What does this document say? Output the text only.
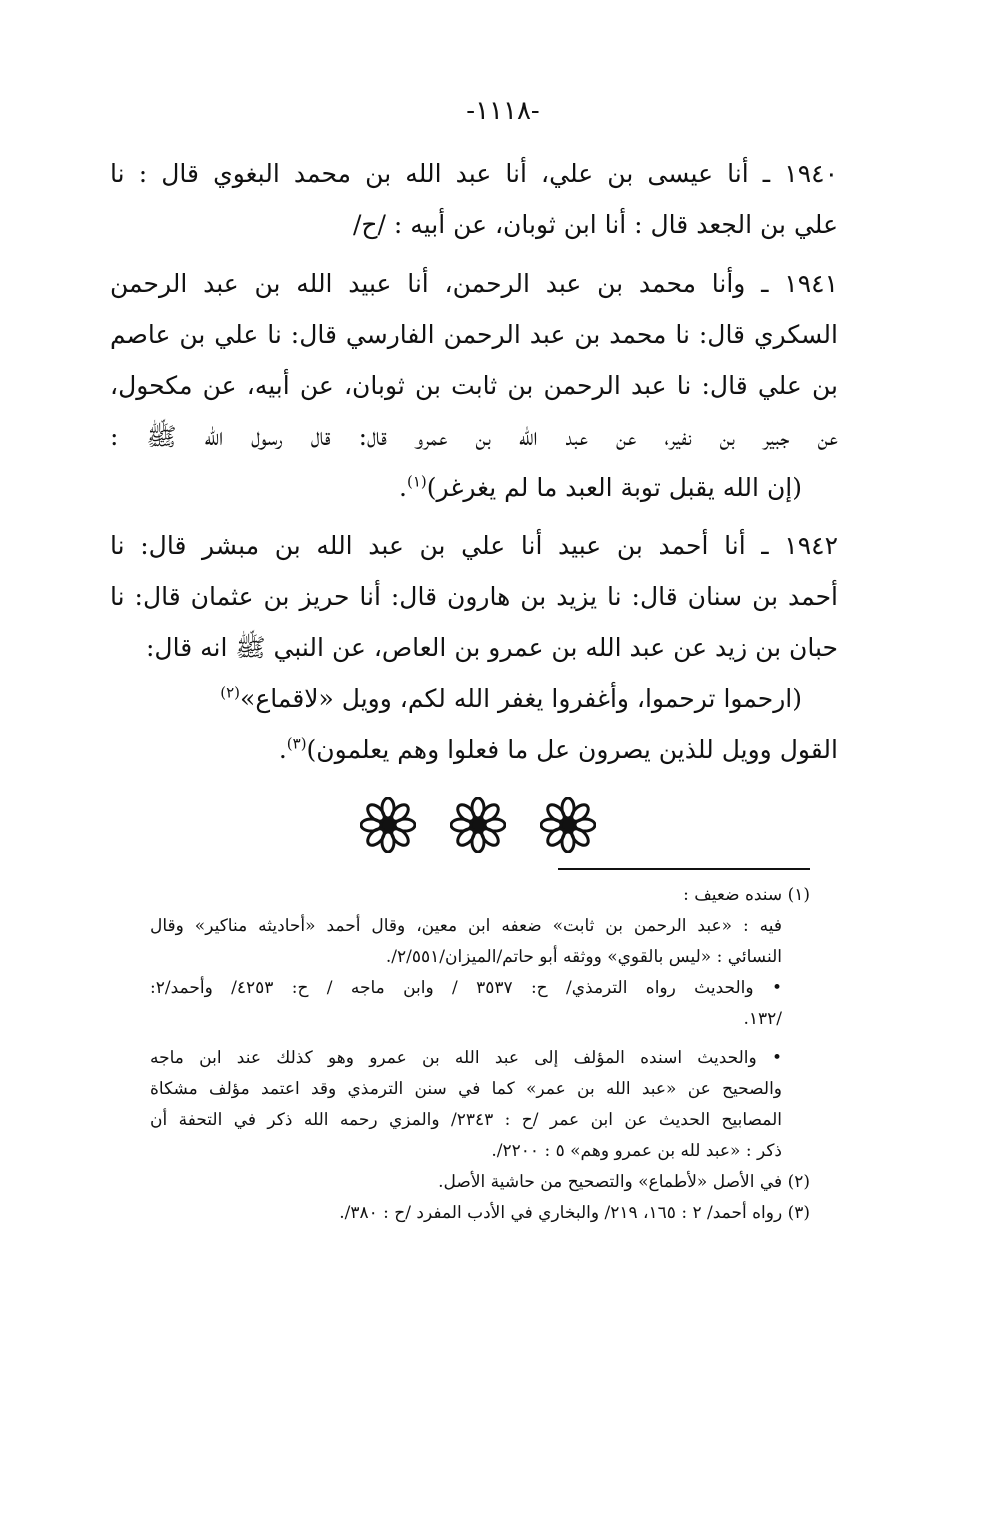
-١١١٨-
١٩٤٠ ـ أنا عيسى بن علي، أنا عبد الله بن محمد البغوي قال : نا
علي بن الجعد قال : أنا ابن ثوبان، عن أبيه : /ح/
١٩٤١ ـ وأنا محمد بن عبد الرحمن، أنا عبيد الله بن عبد الرحمن
السكري قال: نا محمد بن عبد الرحمن الفارسي قال: نا علي بن عاصم
بن علي قال: نا عبد الرحمن بن ثابت بن ثوبان، عن أبيه، عن مكحول،
عن جبير بن نفير، عن عبد الله بن عمرو قال: قال رسول الله ﷺ :
(إن الله يقبل توبة العبد ما لم يغرغر)$^{(١)}$.
١٩٤٢ ـ أنا أحمد بن عبيد أنا علي بن عبد الله بن مبشر قال: نا
أحمد بن سنان قال: نا يزيد بن هارون قال: أنا حريز بن عثمان قال: نا
حبان بن زيد عن عبد الله بن عمرو بن العاص، عن النبي ﷺ انه قال:
(ارحموا ترحموا، وأغفروا يغفر الله لكم، وويل «لاقماع»$^{(٢)}$
القول وويل للذين يصرون عل ما فعلوا وهم يعلمون)$^{(٣)}$.
(١) سنده ضعيف :
فيه : «عبد الرحمن بن ثابت» ضعفه ابن معين، وقال أحمد «أحاديثه مناكير» وقال
النسائي : «ليس بالقوي» ووثقه أبو حاتم/الميزان/٢/٥٥١/.
• والحديث رواه الترمذي/ ح: ٣٥٣٧ / وابن ماجه / ح: ٤٢٥٣/ وأحمد/٢:
/١٣٢.
• والحديث اسنده المؤلف إلى عبد الله بن عمرو وهو كذلك عند ابن ماجه
والصحيح عن «عبد الله بن عمر» كما في سنن الترمذي وقد اعتمد مؤلف مشكاة
المصابيح الحديث عن ابن عمر /ح : ٢٣٤٣/ والمزي رحمه الله ذكر في التحفة أن
ذكر : «عبد لله بن عمرو وهم» ٥ : ٢٢٠٠/.
(٢) في الأصل «لأطماع» والتصحيح من حاشية الأصل.
(٣) رواه أحمد/ ٢ : ١٦٥، ٢١٩/ والبخاري في الأدب المفرد /ح : ٣٨٠/.
